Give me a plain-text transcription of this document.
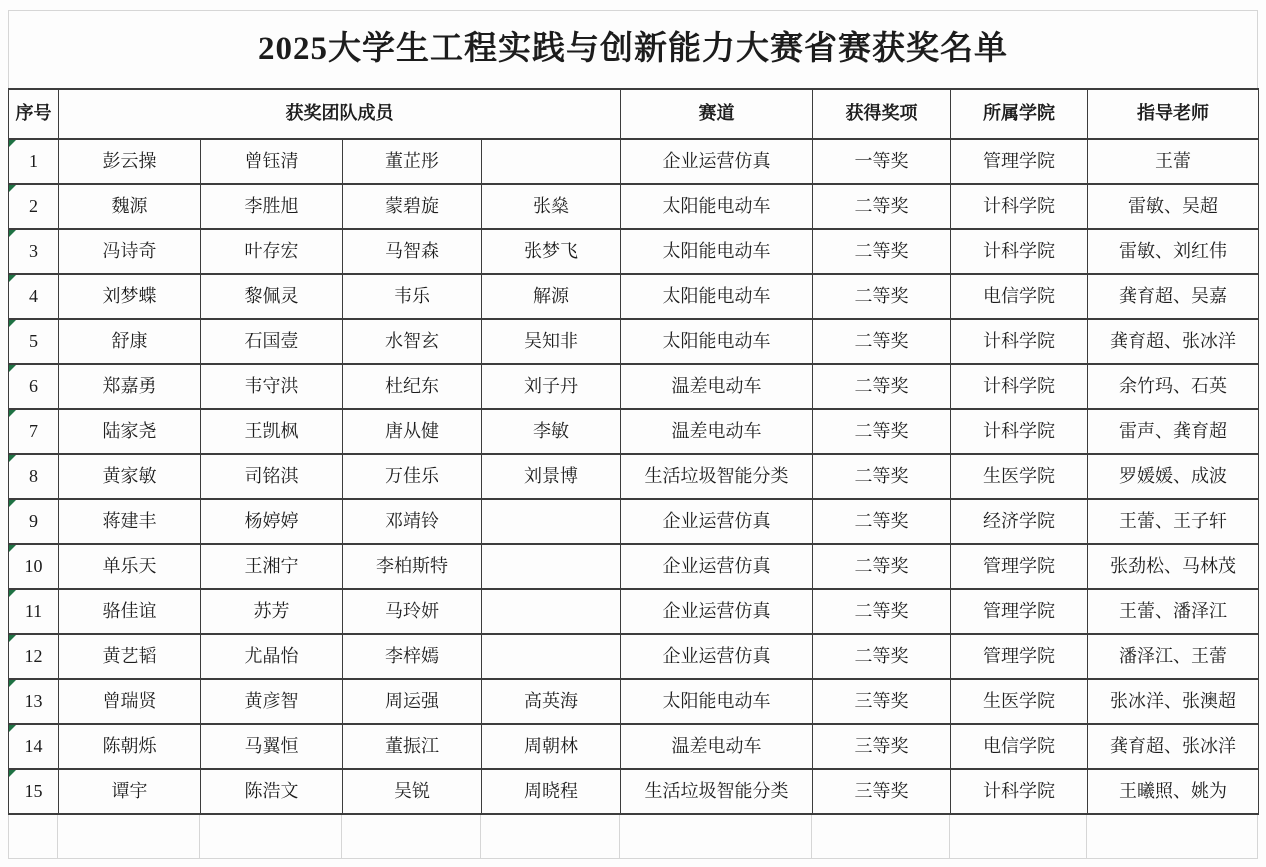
2025大学生工程实践与创新能力大赛省赛获奖名单
序号	获奖团队成员				赛道	获得奖项	所属学院	指导老师

1	彭云操	曾钰清	董芷彤		企业运营仿真	一等奖	管理学院	王蕾

2	魏源	李胜旭	蒙碧旋	张燊	太阳能电动车	二等奖	计科学院	雷敏、吴超

3	冯诗奇	叶存宏	马智森	张梦飞	太阳能电动车	二等奖	计科学院	雷敏、刘红伟

4	刘梦蝶	黎佩灵	韦乐	解源	太阳能电动车	二等奖	电信学院	龚育超、吴嘉

5	舒康	石国壹	水智玄	吴知非	太阳能电动车	二等奖	计科学院	龚育超、张冰洋

6	郑嘉勇	韦守洪	杜纪东	刘子丹	温差电动车	二等奖	计科学院	余竹玛、石英

7	陆家尧	王凯枫	唐从健	李敏	温差电动车	二等奖	计科学院	雷声、龚育超

8	黄家敏	司铭淇	万佳乐	刘景博	生活垃圾智能分类	二等奖	生医学院	罗媛媛、成波

9	蒋建丰	杨婷婷	邓靖铃		企业运营仿真	二等奖	经济学院	王蕾、王子轩

10	单乐天	王湘宁	李柏斯特		企业运营仿真	二等奖	管理学院	张劲松、马林茂

11	骆佳谊	苏芳	马玲妍		企业运营仿真	二等奖	管理学院	王蕾、潘泽江

12	黄艺韬	尤晶怡	李梓嫣		企业运营仿真	二等奖	管理学院	潘泽江、王蕾

13	曾瑞贤	黄彦智	周运强	高英海	太阳能电动车	三等奖	生医学院	张冰洋、张澳超

14	陈朝烁	马翼恒	董振江	周朝林	温差电动车	三等奖	电信学院	龚育超、张冰洋

15	谭宇	陈浩文	吴锐	周晓程	生活垃圾智能分类	三等奖	计科学院	王曦照、姚为
